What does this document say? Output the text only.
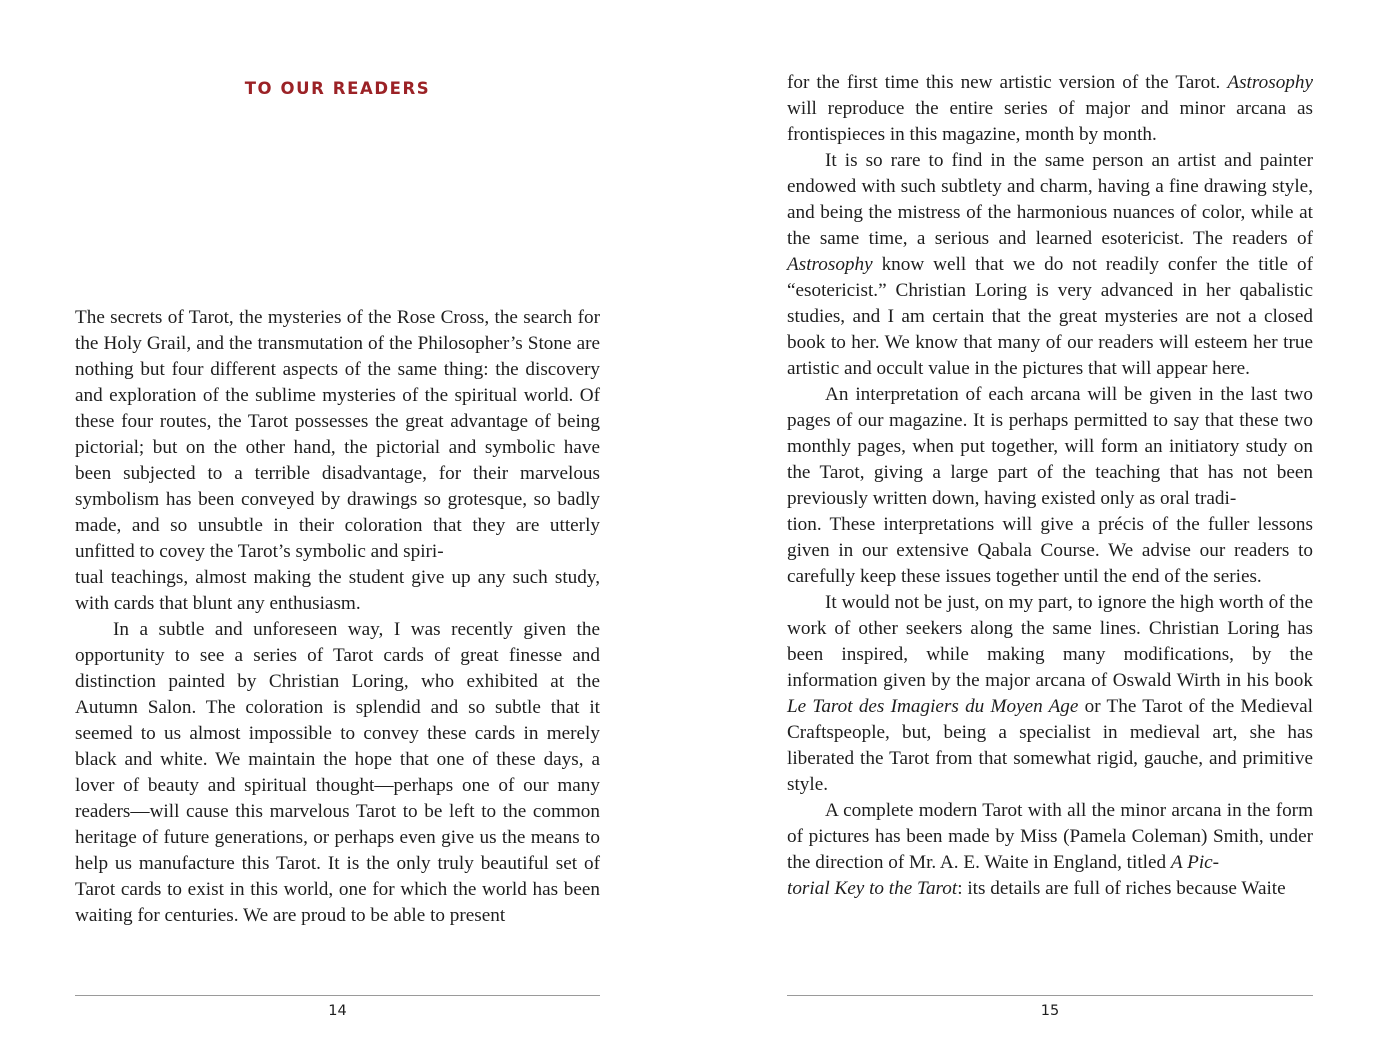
TO OUR READERS

The secrets of Tarot, the mysteries of the Rose Cross, the search for the Holy Grail, and the transmutation of the Philosopher’s Stone are nothing but four different aspects of the same thing: the discovery and exploration of the sublime mysteries of the spiritual world. Of these four routes, the Tarot possesses the great advantage of being pictorial; but on the other hand, the pictorial and symbolic have been subjected to a terrible disadvantage, for their marvelous symbolism has been conveyed by drawings so grotesque, so badly made, and so unsubtle in their coloration that they are utterly unfitted to covey the Tarot’s symbolic and spiri-
tual teachings, almost making the student give up any such study, with cards that blunt any enthusiasm.

In a subtle and unforeseen way, I was recently given the opportunity to see a series of Tarot cards of great finesse and distinction painted by Christian Loring, who exhibited at the Autumn Salon. The coloration is splendid and so subtle that it seemed to us almost impossible to convey these cards in merely black and white. We maintain the hope that one of these days, a lover of beauty and spiritual thought—perhaps one of our many readers—will cause this marvelous Tarot to be left to the common heritage of future generations, or perhaps even give us the means to help us manufacture this Tarot. It is the only truly beautiful set of Tarot cards to exist in this world, one for which the world has been waiting for centuries. We are proud to be able to present

14

for the first time this new artistic version of the Tarot. Astrosophy will reproduce the entire series of major and minor arcana as frontispieces in this magazine, month by month.

It is so rare to find in the same person an artist and painter endowed with such subtlety and charm, having a fine drawing style, and being the mistress of the harmonious nuances of color, while at the same time, a serious and learned esotericist. The readers of Astrosophy know well that we do not readily confer the title of “esotericist.” Christian Loring is very advanced in her qabalistic studies, and I am certain that the great mysteries are not a closed book to her. We know that many of our readers will esteem her true artistic and occult value in the pictures that will appear here.

An interpretation of each arcana will be given in the last two pages of our magazine. It is perhaps permitted to say that these two monthly pages, when put together, will form an initiatory study on the Tarot, giving a large part of the teaching that has not been previously written down, having existed only as oral tradi-
tion. These interpretations will give a précis of the fuller lessons given in our extensive Qabala Course. We advise our readers to carefully keep these issues together until the end of the series.

It would not be just, on my part, to ignore the high worth of the work of other seekers along the same lines. Christian Loring has been inspired, while making many modifications, by the information given by the major arcana of Oswald Wirth in his book Le Tarot des Imagiers du Moyen Age or The Tarot of the Medieval Craftspeople, but, being a specialist in medieval art, she has liberated the Tarot from that somewhat rigid, gauche, and primitive style.

A complete modern Tarot with all the minor arcana in the form of pictures has been made by Miss (Pamela Coleman) Smith, under the direction of Mr. A. E. Waite in England, titled A Pic-
torial Key to the Tarot: its details are full of riches because Waite

15
